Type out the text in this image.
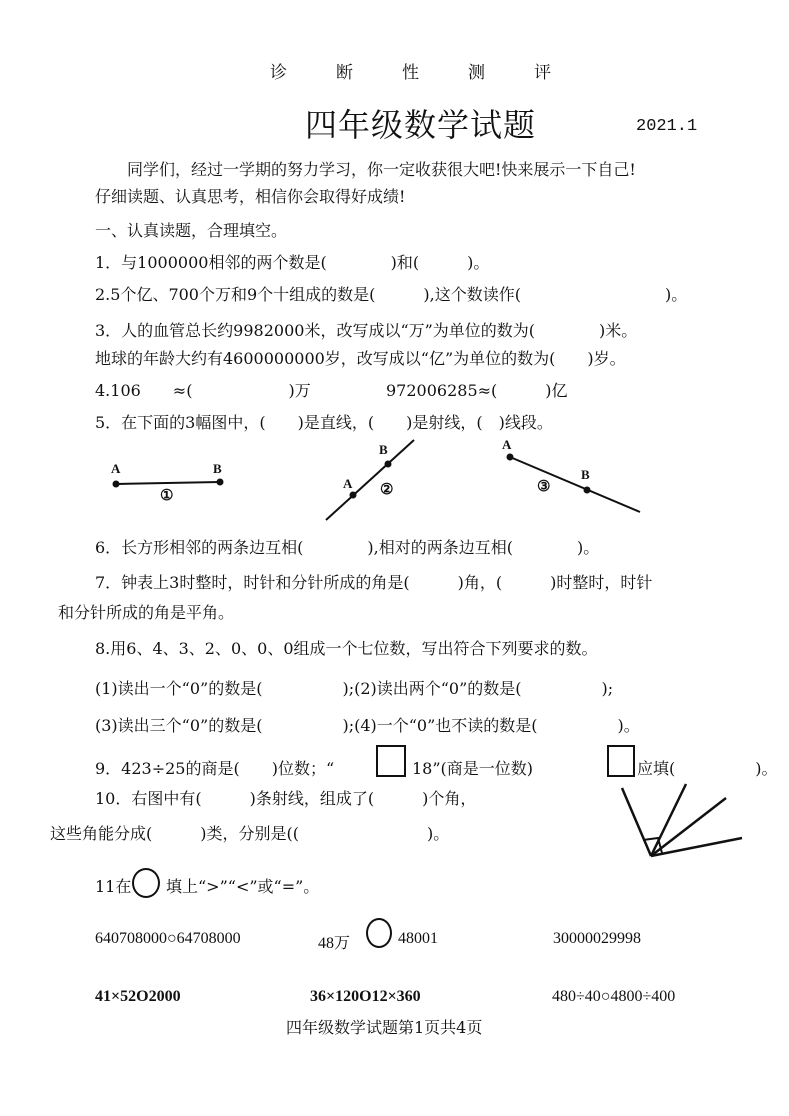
诊	断	性	测	评
四年级数学试题	2021.1
同学们，经过一学期的努力学习，你一定收获很大吧!快来展示一下自己!
仔细读题、认真思考，相信你会取得好成绩!
一、认真读题，合理填空。
1．与1000000相邻的两个数是(　　　　)和(　　　)。
2.5个亿、700个万和9个十组成的数是(　　　),这个数读作(　　　　　　　　　)。
3．人的血管总长约9982000米，改写成以“万”为单位的数为(　　　　)米。
地球的年龄大约有4600000000岁，改写成以“亿”为单位的数为(　　)岁。
4.106　　≈(　　　　　　)万	972006285≈(　　　)亿
5．在下面的3幅图中，(　　)是直线，(　　)是射线，(　)线段。
A	B
①
A
B
②
A
B
③
6．长方形相邻的两条边互相(　　　　),相对的两条边互相(　　　　)。
7．钟表上3时整时，时针和分针所成的角是(　　　)角，(　　　)时整时，时针
和分针所成的角是平角。
8.用6、4、3、2、0、0、0组成一个七位数，写出符合下列要求的数。
(1)读出一个“0”的数是(　　　　　);(2)读出两个“0”的数是(　　　　　);
(3)读出三个“0”的数是(　　　　　);(4)一个“0”也不读的数是(　　　　　)。
9．423÷25的商是(　　)位数；“	18”(商是一位数)	应填(　　　　　)。
10．右图中有(　　　)条射线，组成了(　　　)个角，
这些角能分成(　　　)类，分别是((　　　　　　　　)。
11在 填上“>”“<”或“=”。
640708000○64708000	48万	48001	30000029998
41×52O2000	36×120O12×360	480÷40○4800÷400
四年级数学试题第1页共4页
